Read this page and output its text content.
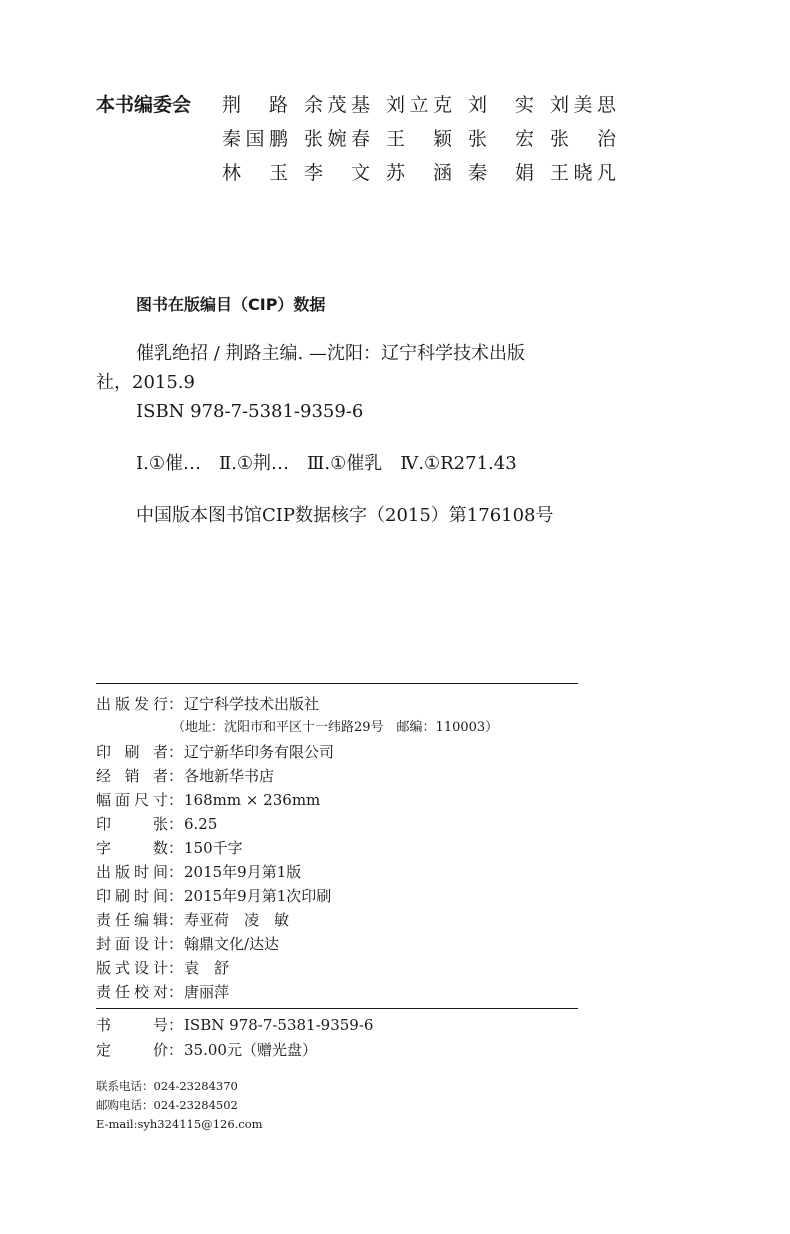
本书编委会 荆路 余茂基 刘立克 刘实 刘美思
秦国鹏 张婉春 王颖 张宏 张治
林玉 李文 苏涵 秦娟 王晓凡
图书在版编目（CIP）数据
催乳绝招 / 荆路主编. —沈阳：辽宁科学技术出版
社，2015.9
ISBN 978-7-5381-9359-6
Ⅰ.①催…　Ⅱ.①荆…　Ⅲ.①催乳　Ⅳ.①R271.43
中国版本图书馆CIP数据核字（2015）第176108号
出版发行 ： 辽宁科学技术出版社
（地址：沈阳市和平区十一纬路29号　邮编：110003）
印刷者 ： 辽宁新华印务有限公司
经销者 ： 各地新华书店
幅面尺寸 ： 168mm × 236mm
印张 ： 6.25
字数 ： 150千字
出版时间 ： 2015年9月第1版
印刷时间 ： 2015年9月第1次印刷
责任编辑 ： 寿亚荷　凌　敏
封面设计 ： 翰鼎文化/达达
版式设计 ： 袁　舒
责任校对 ： 唐丽萍
书号 ： ISBN 978-7-5381-9359-6
定价 ： 35.00元（赠光盘）
联系电话：024-23284370
邮购电话：024-23284502
E-mail:syh324115@126.com
